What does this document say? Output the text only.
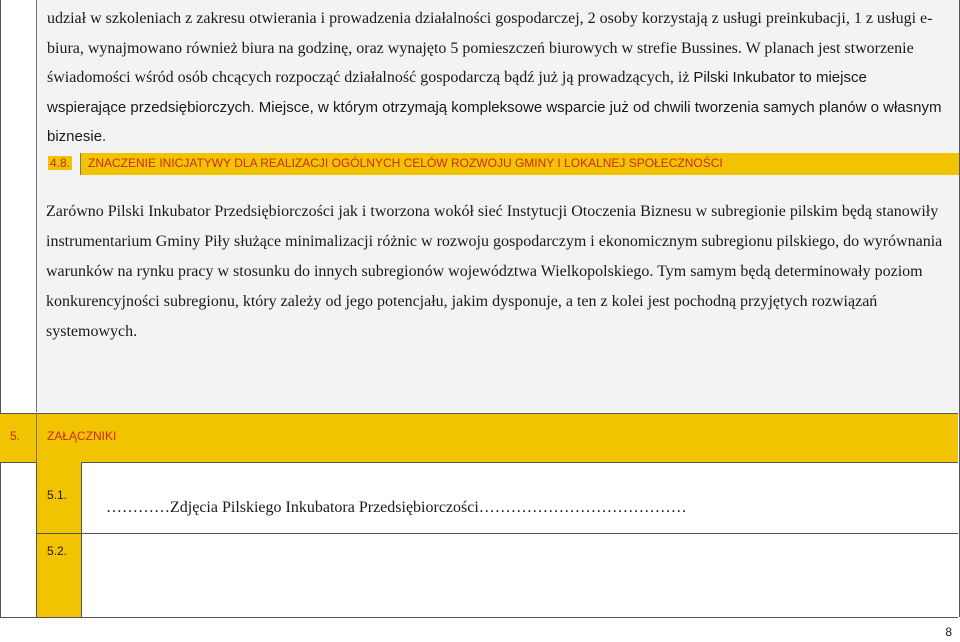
udział w szkoleniach z zakresu otwierania i prowadzenia działalności gospodarczej, 2 osoby korzystają z usługi preinkubacji, 1 z usługi e-biura, wynajmowano również biura na godzinę, oraz wynajęto 5 pomieszczeń biurowych w strefie Bussines. W planach jest stworzenie świadomości wśród osób chcących rozpocząć działalność gospodarczą bądź już ją prowadzących, iż Pilski Inkubator to miejsce wspierające przedsiębiorczych. Miejsce, w którym otrzymają kompleksowe wsparcie już od chwili tworzenia samych planów o własnym biznesie.

4.8. ZNACZENIE INICJATYWY DLA REALIZACJI OGÓLNYCH CELÓW ROZWOJU GMINY I LOKALNEJ SPOŁECZNOŚCI

Zarówno Pilski Inkubator Przedsiębiorczości jak i tworzona wokół sieć Instytucji Otoczenia Biznesu w subregionie pilskim będą stanowiły instrumentarium Gminy Piły służące minimalizacji różnic w rozwoju gospodarczym i ekonomicznym subregionu pilskiego, do wyrównania warunków na rynku pracy w stosunku do innych subregionów województwa Wielkopolskiego. Tym samym będą determinowały poziom konkurencyjności subregionu, który zależy od jego potencjału, jakim dysponuje, a ten z kolei jest pochodną przyjętych rozwiązań systemowych.

5. ZAŁĄCZNIKI
5.1.
5.2.
…………Zdjęcia Pilskiego Inkubatora Przedsiębiorczości…………………………………
8
